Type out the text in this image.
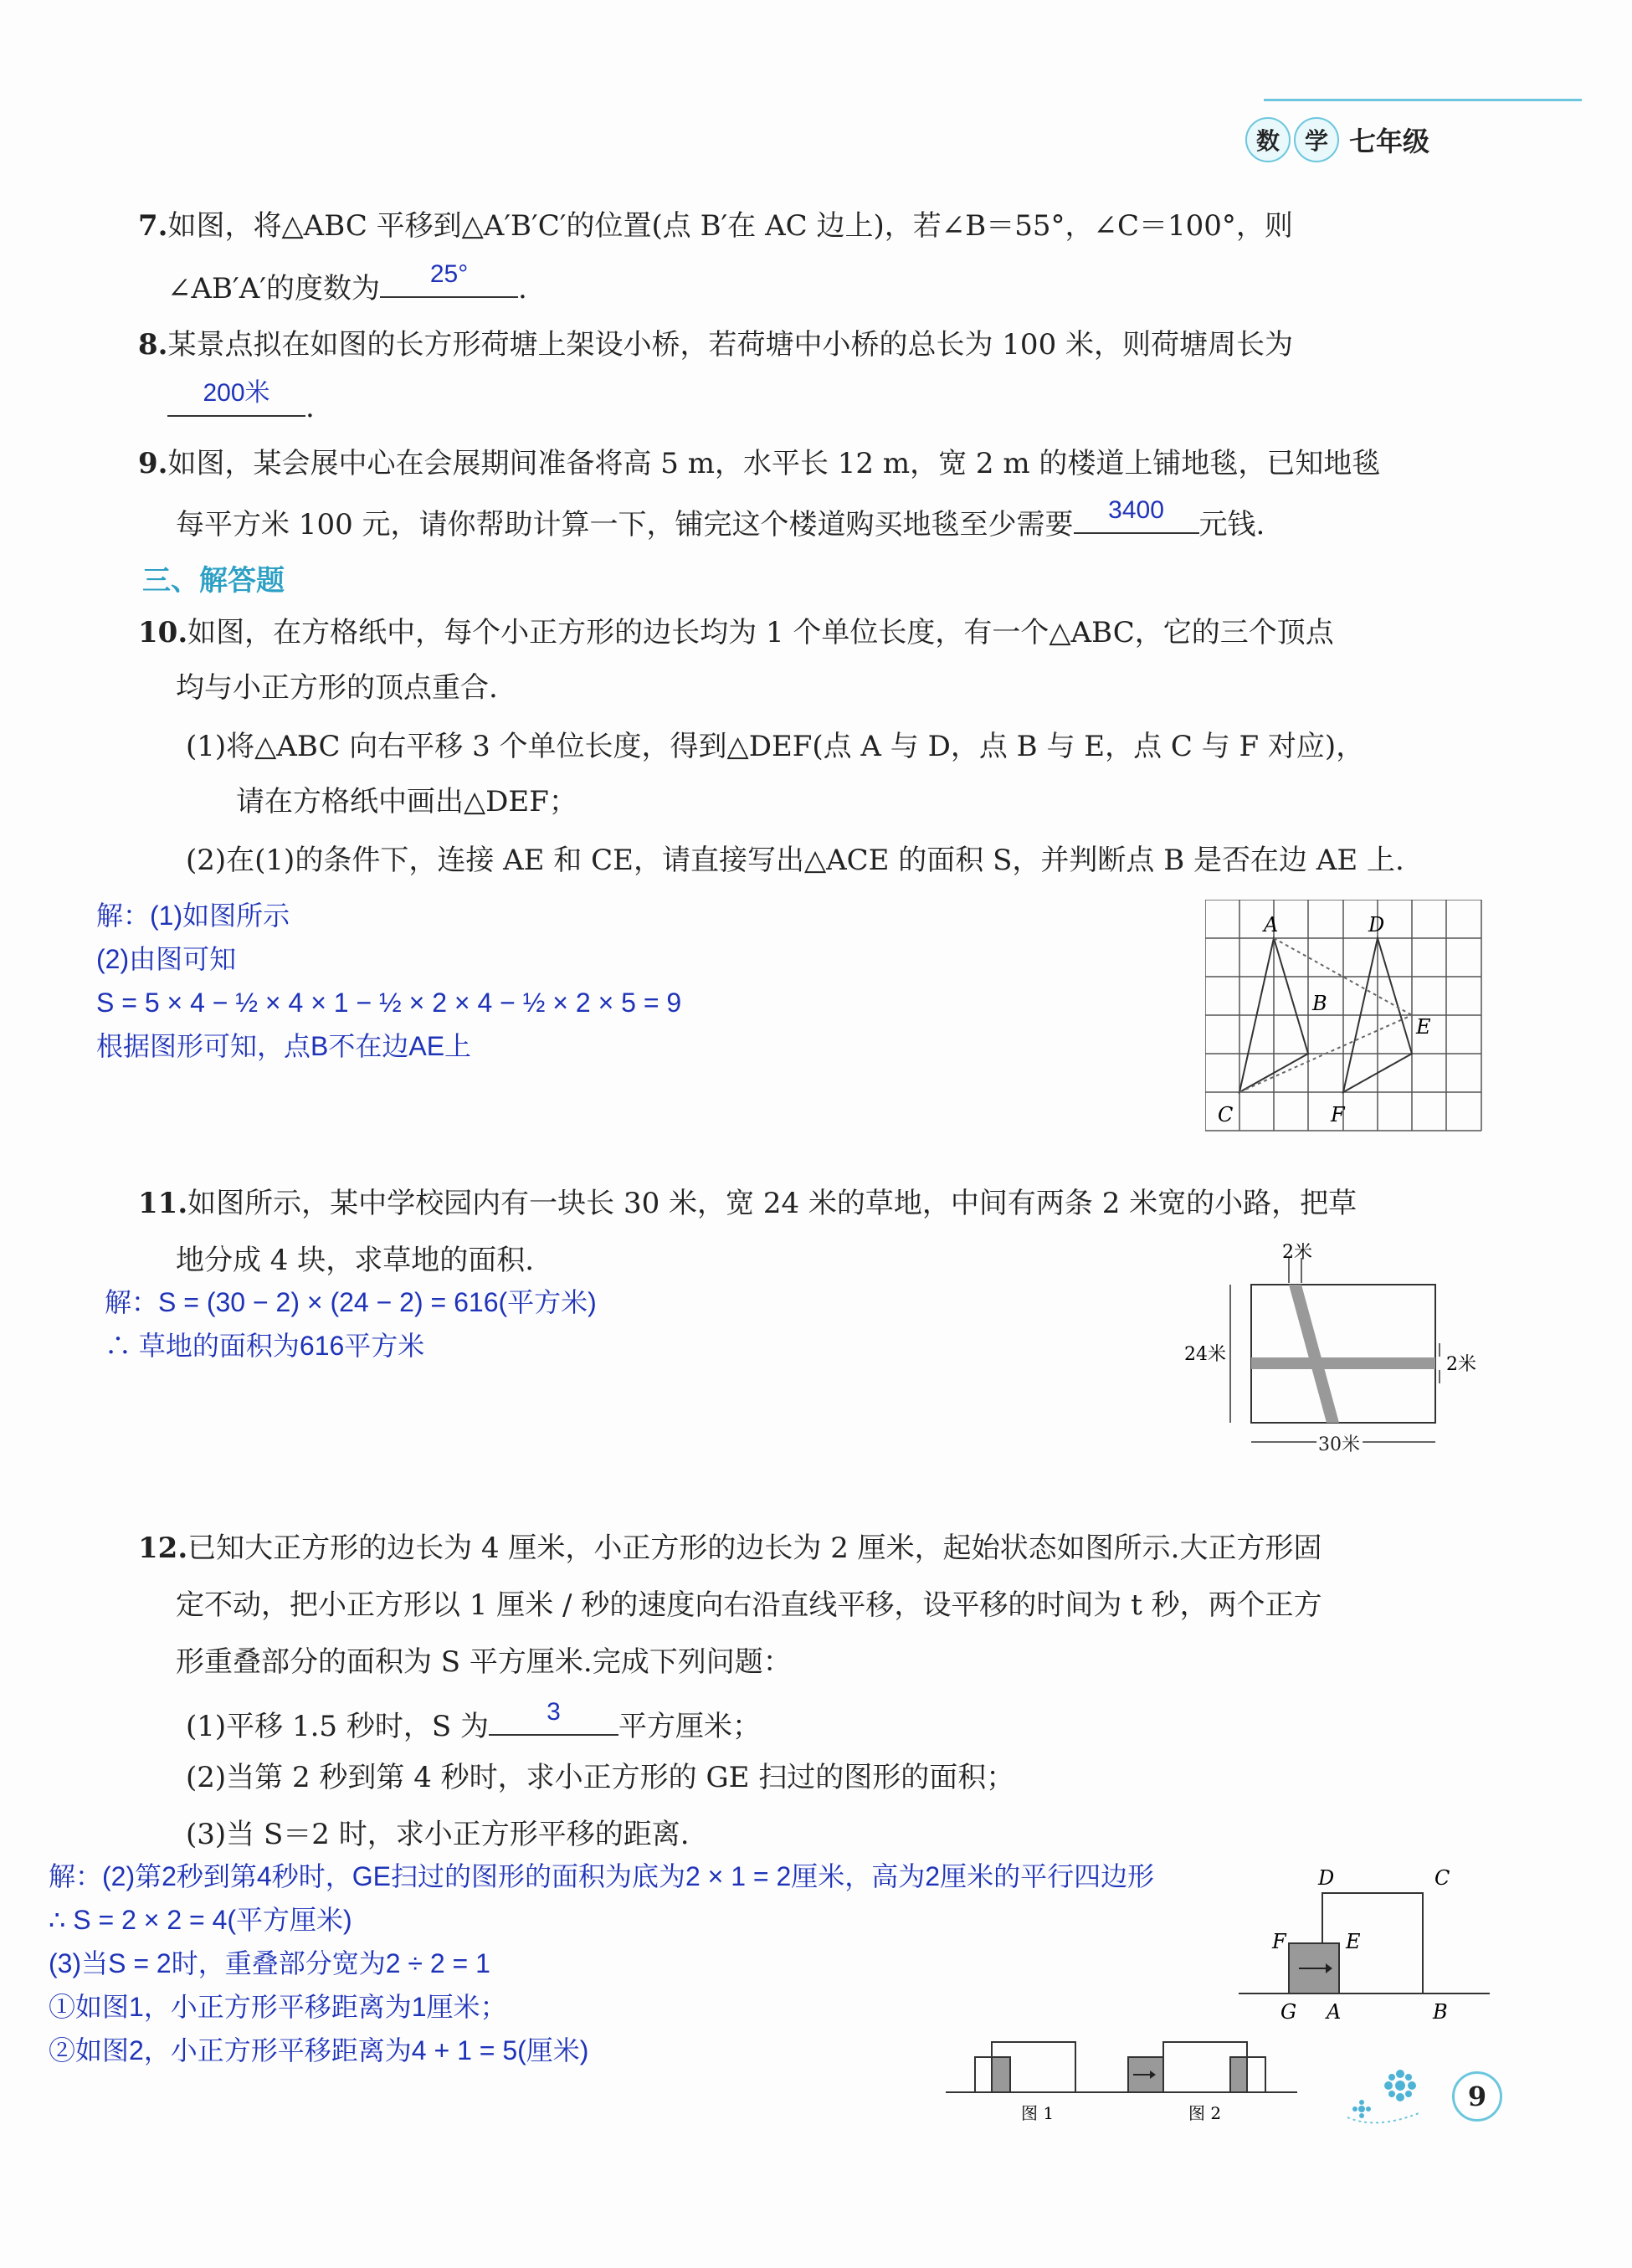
数	学 七年级
7.如图，将△ABC 平移到△A′B′C′的位置(点 B′在 AC 边上)，若∠B＝55°，∠C＝100°，则
∠AB′A′的度数为	25°	.
8.某景点拟在如图的长方形荷塘上架设小桥，若荷塘中小桥的总长为 100 米，则荷塘周长为
200米	.
9.如图，某会展中心在会展期间准备将高 5 m，水平长 12 m，宽 2 m 的楼道上铺地毯，已知地毯
每平方米 100 元，请你帮助计算一下，铺完这个楼道购买地毯至少需要	3400	元钱.
三、解答题
10.如图，在方格纸中，每个小正方形的边长均为 1 个单位长度，有一个△ABC，它的三个顶点
均与小正方形的顶点重合.
(1)将△ABC 向右平移 3 个单位长度，得到△DEF(点 A 与 D，点 B 与 E，点 C 与 F 对应)，
请在方格纸中画出△DEF；
(2)在(1)的条件下，连接 AE 和 CE，请直接写出△ACE 的面积 S，并判断点 B 是否在边 AE 上.
解：(1)如图所示
(2)由图可知
S = 5 × 4 − ½ × 4 × 1 − ½ × 2 × 4 − ½ × 2 × 5 = 9
根据图形可知，点B不在边AE上
A	D
B
E
C	F
11.如图所示，某中学校园内有一块长 30 米，宽 24 米的草地，中间有两条 2 米宽的小路，把草
地分成 4 块，求草地的面积.
解：S = (30 − 2) × (24 − 2) = 616(平方米)
∴ 草地的面积为616平方米
2米
24米	2米
30米
12.已知大正方形的边长为 4 厘米，小正方形的边长为 2 厘米，起始状态如图所示.大正方形固
定不动，把小正方形以 1 厘米 / 秒的速度向右沿直线平移，设平移的时间为 t 秒，两个正方
形重叠部分的面积为 S 平方厘米.完成下列问题：
(1)平移 1.5 秒时，S 为	3	平方厘米；
(2)当第 2 秒到第 4 秒时，求小正方形的 GE 扫过的图形的面积；
(3)当 S＝2 时，求小正方形平移的距离.
解：(2)第2秒到第4秒时，GE扫过的图形的面积为底为2 × 1 = 2厘米，高为2厘米的平行四边形
∴ S = 2 × 2 = 4(平方厘米)
(3)当S = 2时，重叠部分宽为2 ÷ 2 = 1
①如图1，小正方形平移距离为1厘米；
②如图2，小正方形平移距离为4 + 1 = 5(厘米)
D	C
F	E
G A	B
图 1	图 2
9
